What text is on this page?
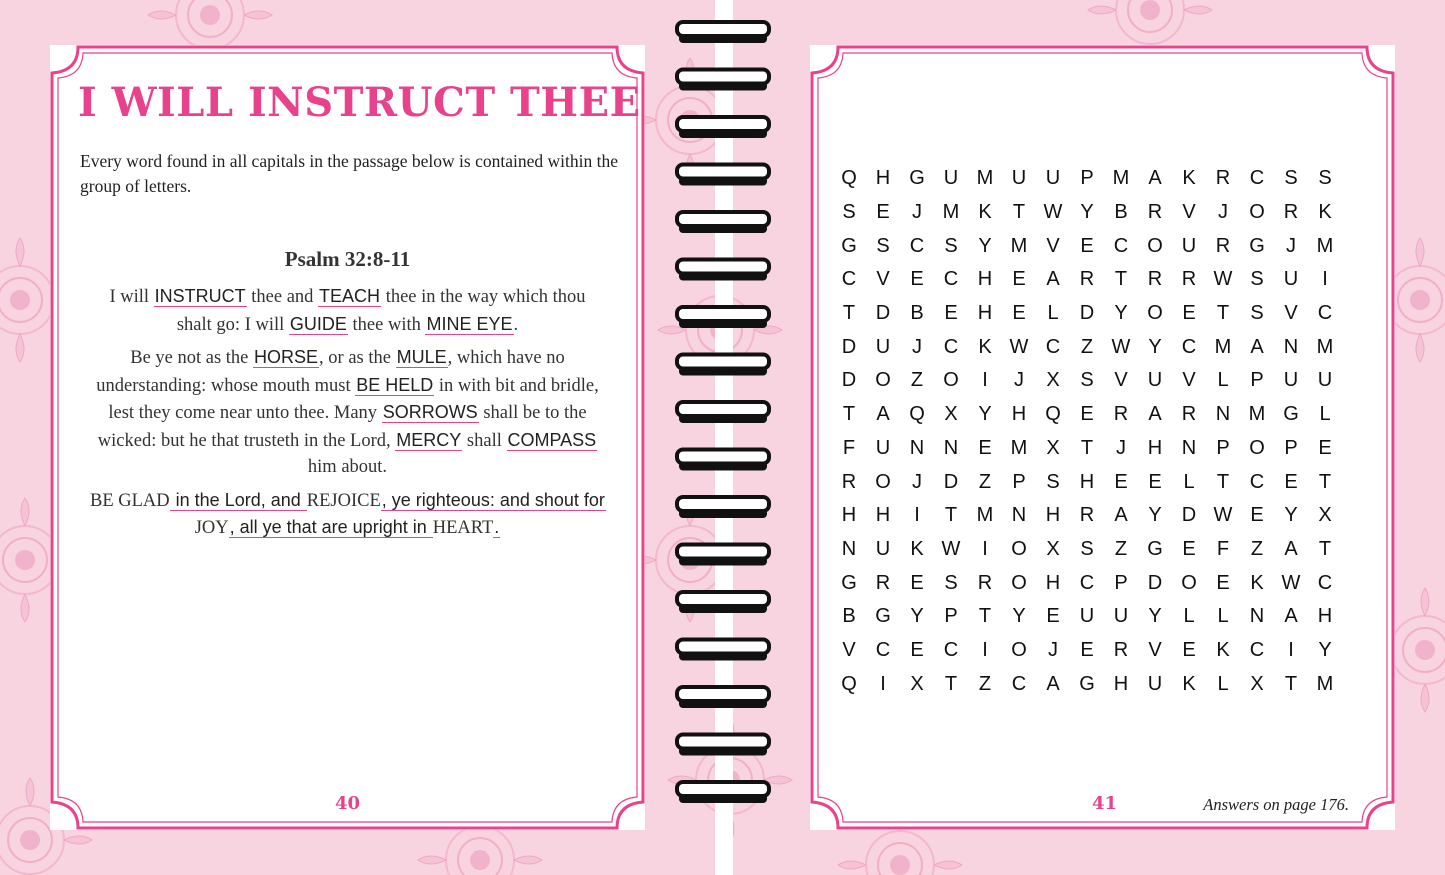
I WILL INSTRUCT THEE
Every word found in all capitals in the passage below is contained within the group of letters.
Psalm 32:8-11

I will INSTRUCT thee and TEACH thee in the way which thou shalt go: I will GUIDE thee with MINE EYE.

Be ye not as the HORSE, or as the MULE, which have no understanding: whose mouth must BE HELD in with bit and bridle, lest they come near unto thee. Many SORROWS shall be to the wicked: but he that trusteth in the Lord, MERCY shall COMPASS him about.

BE GLAD in the Lord, and REJOICE, ye righteous: and shout for JOY, all ye that are upright in HEART.

40
Q H G U M U U	P M A	K	R C	S	S
S	E	J	M K	T W Y	B	R	V	J	O R	K
G S	C	S	Y M V	E	C O U R G	J	M
C	V	E	C H	E	A	R	T	R R W S	U	I
T	D	B	E	H	E	L	D	Y O E	T	S	V	C
D U	J	C	K W C	Z W Y	C M A	N M
D O	Z	O	I	J	X	S	V	U	V	L	P	U U
T	A Q X	Y	H Q E	R	A	R N M G	L
F	U N N	E M X	T	J	H N	P O P	E
R O	J	D	Z	P	S	H	E	E	L	T	C	E	T
H H	I	T M N H R	A	Y	D W E	Y	X
N U	K W	I	O X	S	Z	G E	F	Z	A	T
G R	E	S	R O H C	P	D O E	K W C
B G Y	P	T	Y	E	U U	Y	L	L	N	A	H
V	C	E	C	I	O	J	E	R	V	E	K	C	I	Y
Q	I	X	T	Z	C	A G H U	K	L	X	T M
41	Answers on page 176.
